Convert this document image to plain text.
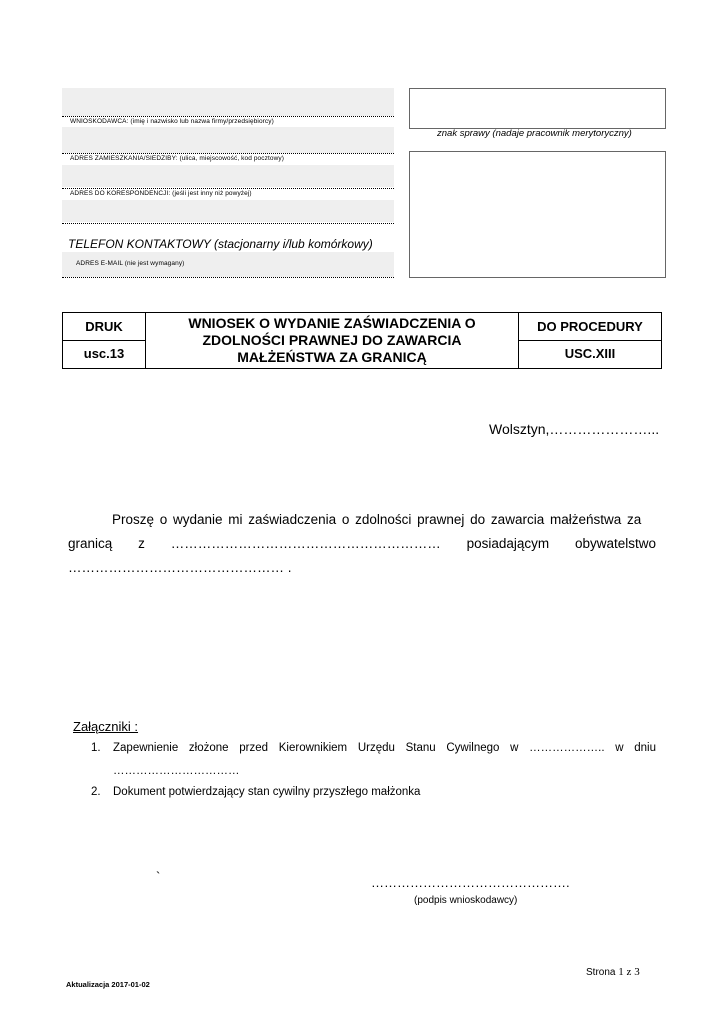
WNIOSKODAWCA: (imię i nazwisko lub nazwa firmy/przedsiębiorcy)
ADRES ZAMIESZKANIA/SIEDZIBY: (ulica, miejscowość, kod pocztowy)
ADRES DO KORESPONDENCJI: (jeśli jest inny niż powyżej)
TELEFON KONTAKTOWY (stacjonarny i/lub komórkowy)
ADRES E-MAIL (nie jest wymagany)
znak sprawy (nadaje pracownik merytoryczny)
DRUK
usc.13
WNIOSEK O WYDANIE ZAŚWIADCZENIA O
ZDOLNOŚCI PRAWNEJ DO ZAWARCIA
MAŁŻEŃSTWA ZA GRANICĄ
DO PROCEDURY
USC.XIII
Wolsztyn,…………………...
Proszę o wydanie mi zaświadczenia o zdolności prawnej do zawarcia małżeństwa za
granicą z …………………………………………………… posiadającym obywatelstwo
………………………………………… .
Załączniki :
1. Zapewnienie złożone przed Kierownikiem Urzędu Stanu Cywilnego w ……………….. w dniu
……………………………
2. Dokument potwierdzający stan cywilny przyszłego małżonka
`	……………………………………….
(podpis wnioskodawcy)
Strona 1 z 3
Aktualizacja 2017-01-02
